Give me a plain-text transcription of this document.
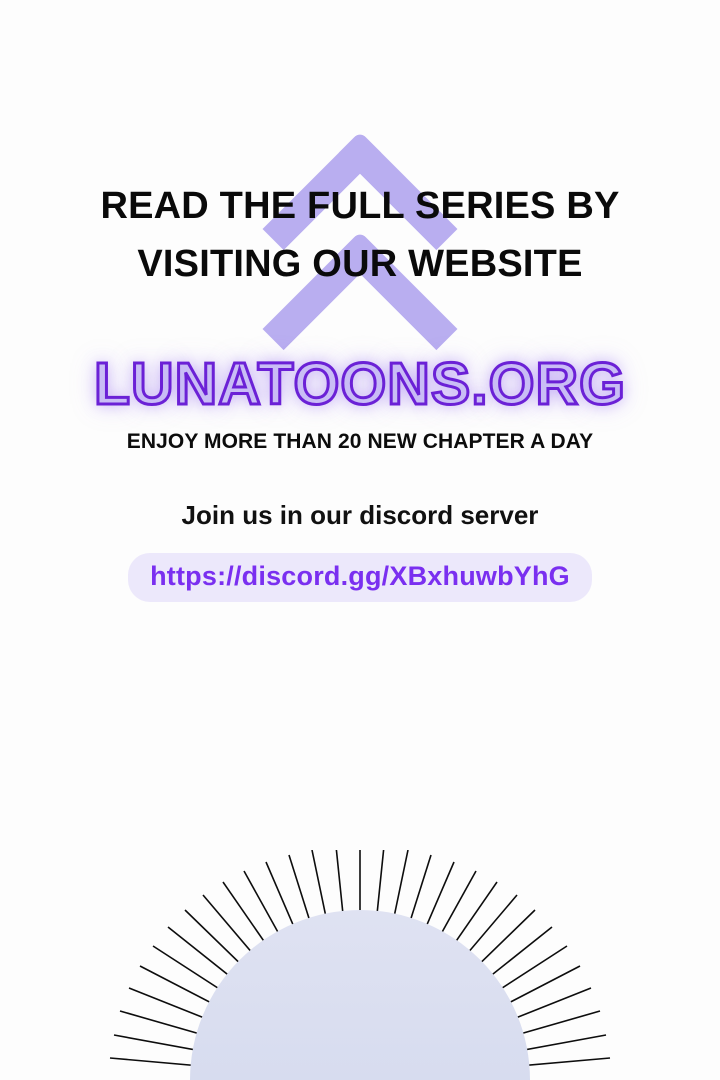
READ THE FULL SERIES BY
VISITING OUR WEBSITE
LUNATOONS.ORG
ENJOY MORE THAN 20 NEW CHAPTER A DAY
Join us in our discord server
https://discord.gg/XBxhuwbYhG
